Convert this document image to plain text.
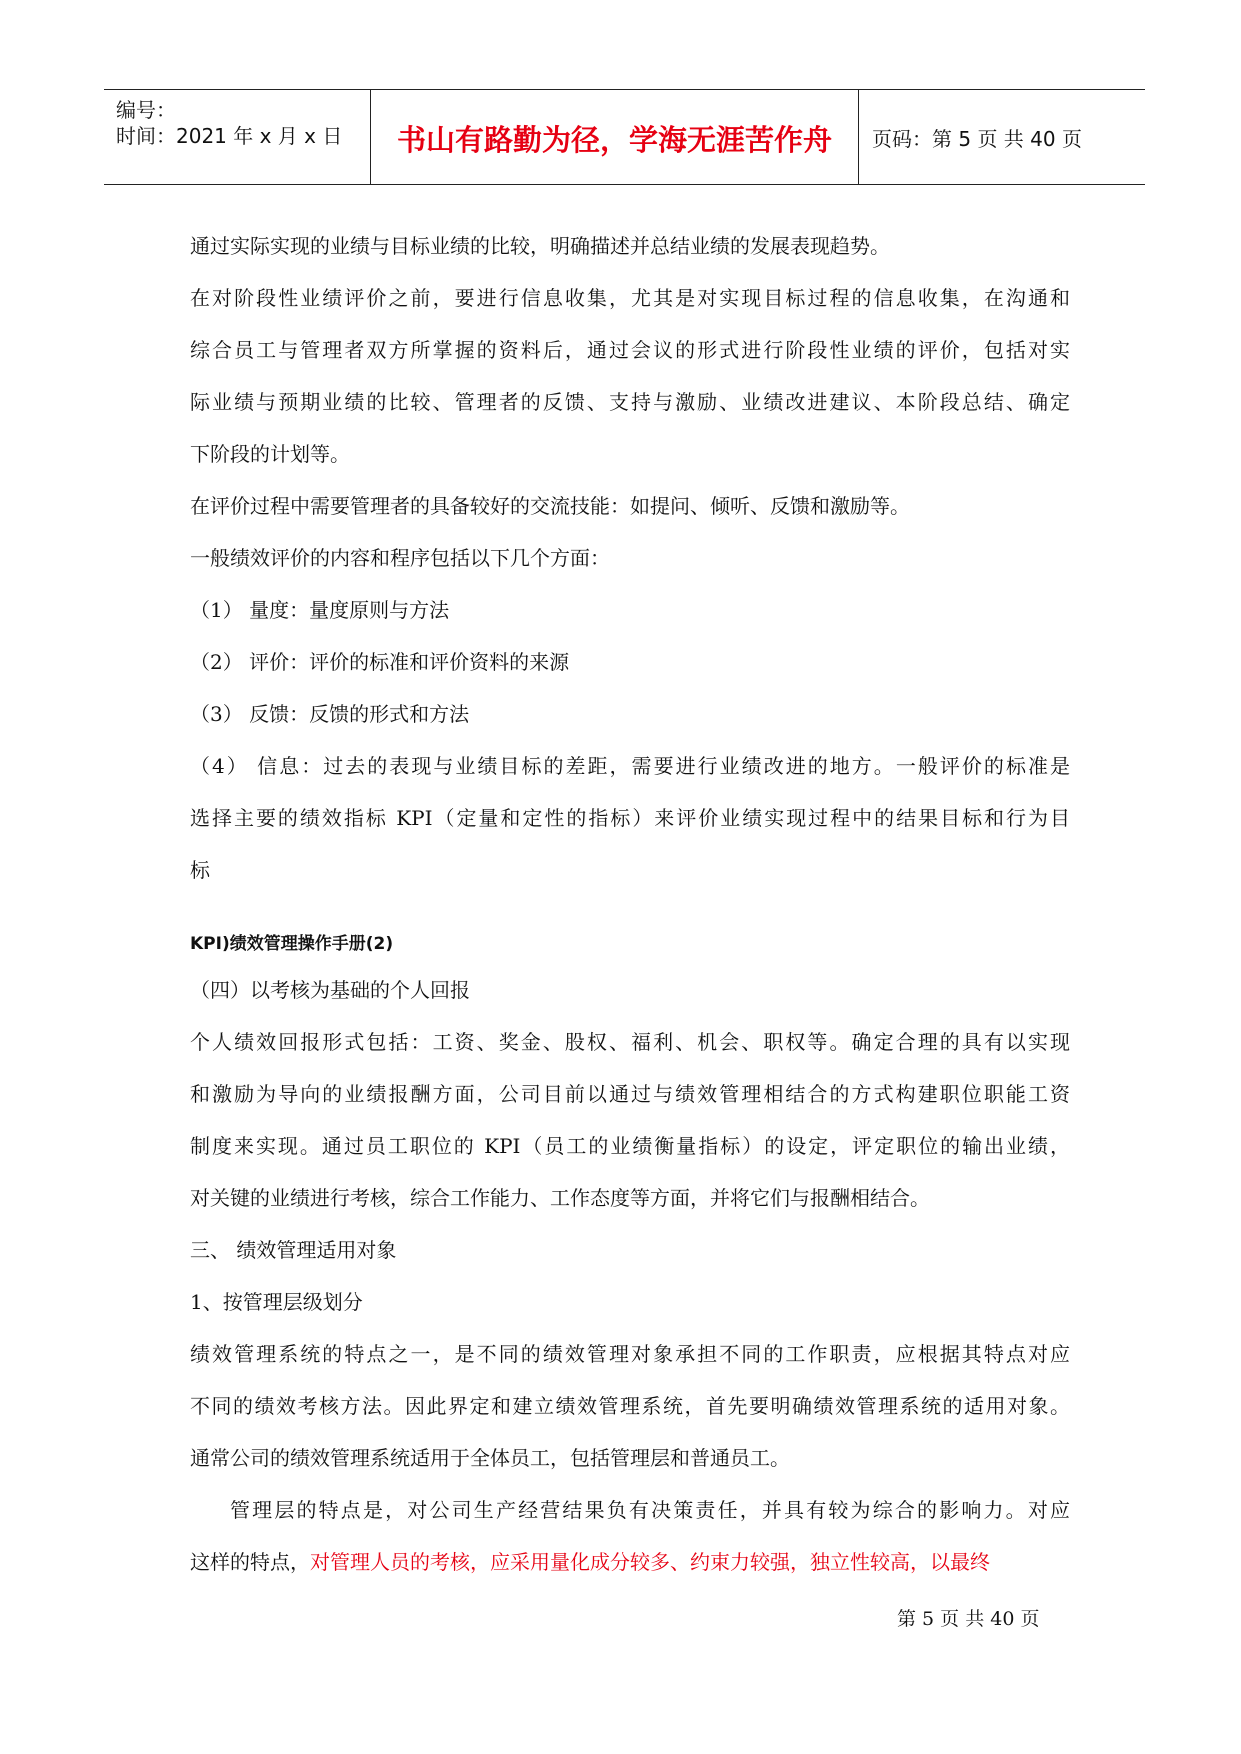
编号：
时间：2021 年 x 月 x 日	书山有路勤为径，学海无涯苦作舟	页码：第 5 页 共 40 页
通过实际实现的业绩与目标业绩的比较，明确描述并总结业绩的发展表现趋势。
在对阶段性业绩评价之前，要进行信息收集，尤其是对实现目标过程的信息收集，在沟通和
综合员工与管理者双方所掌握的资料后，通过会议的形式进行阶段性业绩的评价，包括对实
际业绩与预期业绩的比较、管理者的反馈、支持与激励、业绩改进建议、本阶段总结、确定
下阶段的计划等。
在评价过程中需要管理者的具备较好的交流技能：如提问、倾听、反馈和激励等。
一般绩效评价的内容和程序包括以下几个方面：
（1） 量度：量度原则与方法
（2） 评价：评价的标准和评价资料的来源
（3） 反馈：反馈的形式和方法
（4） 信息：过去的表现与业绩目标的差距，需要进行业绩改进的地方。一般评价的标准是
选择主要的绩效指标 KPI（定量和定性的指标）来评价业绩实现过程中的结果目标和行为目
标
KPI)绩效管理操作手册(2)
（四）以考核为基础的个人回报
个人绩效回报形式包括：工资、奖金、股权、福利、机会、职权等。确定合理的具有以实现
和激励为导向的业绩报酬方面，公司目前以通过与绩效管理相结合的方式构建职位职能工资
制度来实现。通过员工职位的 KPI（员工的业绩衡量指标）的设定，评定职位的输出业绩，
对关键的业绩进行考核，综合工作能力、工作态度等方面，并将它们与报酬相结合。
三、 绩效管理适用对象
1、按管理层级划分
绩效管理系统的特点之一，是不同的绩效管理对象承担不同的工作职责，应根据其特点对应
不同的绩效考核方法。因此界定和建立绩效管理系统，首先要明确绩效管理系统的适用对象。
通常公司的绩效管理系统适用于全体员工，包括管理层和普通员工。
管理层的特点是，对公司生产经营结果负有决策责任，并具有较为综合的影响力。对应
这样的特点，对管理人员的考核，应采用量化成分较多、约束力较强，独立性较高，以最终
第 5 页 共 40 页
